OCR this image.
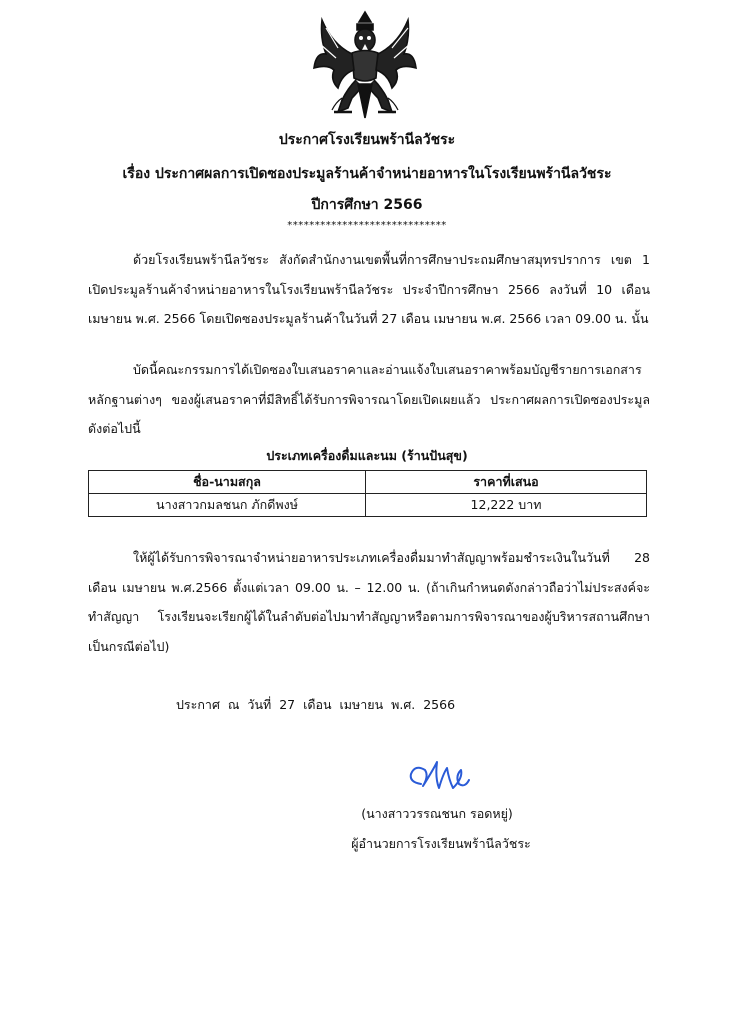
ประกาศโรงเรียนพร้านีลวัชระ
เรื่อง ประกาศผลการเปิดซองประมูลร้านค้าจำหน่ายอาหารในโรงเรียนพร้านีลวัชระ
ปีการศึกษา 2566
*****************************

ด้วยโรงเรียนพร้านีลวัชระ สังกัดสำนักงานเขตพื้นที่การศึกษาประถมศึกษาสมุทรปราการ เขต 1 เปิดประมูลร้านค้าจำหน่ายอาหารในโรงเรียนพร้านีลวัชระ ประจำปีการศึกษา 2566 ลงวันที่ 10 เดือน เมษายน พ.ศ. 2566 โดยเปิดซองประมูลร้านค้าในวันที่ 27 เดือน เมษายน พ.ศ. 2566 เวลา 09.00 น. นั้น

บัดนี้คณะกรรมการได้เปิดซองใบเสนอราคาและอ่านแจ้งใบเสนอราคาพร้อมบัญชีรายการเอกสารหลักฐานต่างๆ ของผู้เสนอราคาที่มีสิทธิ์ได้รับการพิจารณาโดยเปิดเผยแล้ว ประกาศผลการเปิดซองประมูล ดังต่อไปนี้

ประเภทเครื่องดื่มและนม (ร้านปันสุข)
ชื่อ-นามสกุล	ราคาที่เสนอ
นางสาวกมลชนก ภักดีพงษ์	12,222 บาท

ให้ผู้ได้รับการพิจารณาจำหน่ายอาหารประเภทเครื่องดื่มมาทำสัญญาพร้อมชำระเงินในวันที่ 28 เดือน เมษายน พ.ศ.2566 ตั้งแต่เวลา 09.00 น. – 12.00 น. (ถ้าเกินกำหนดดังกล่าวถือว่าไม่ประสงค์จะทำสัญญา โรงเรียนจะเรียกผู้ได้ในลำดับต่อไปมาทำสัญญาหรือตามการพิจารณาของผู้บริหารสถานศึกษาเป็นกรณีต่อไป)

ประกาศ ณ วันที่ 27 เดือน เมษายน พ.ศ. 2566
(นางสาววรรณชนก รอดหยู่)
ผู้อำนวยการโรงเรียนพร้านีลวัชระ
